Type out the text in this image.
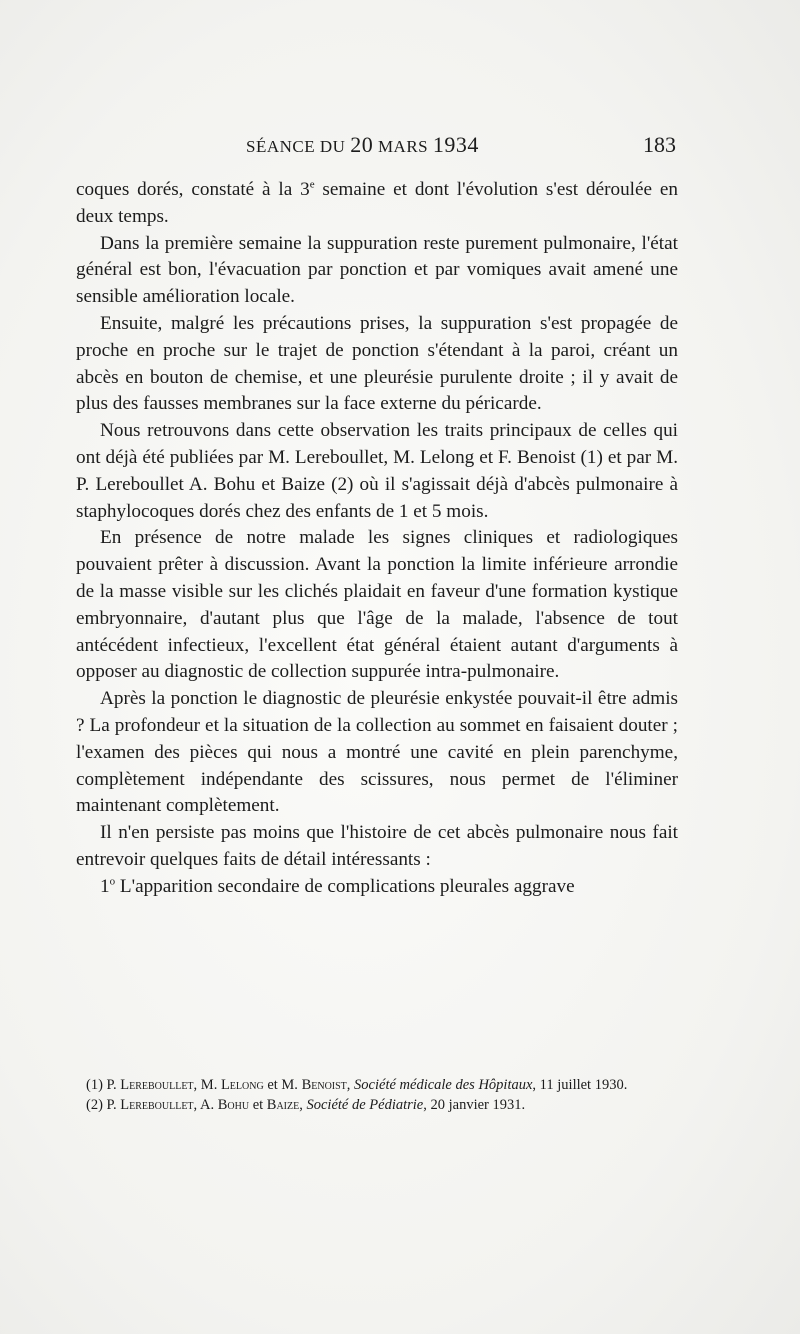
SÉANCE DU 20 MARS 1934	183

coques dorés, constaté à la 3e semaine et dont l'évolution s'est déroulée en deux temps.

Dans la première semaine la suppuration reste purement pulmonaire, l'état général est bon, l'évacuation par ponction et par vomiques avait amené une sensible amélioration locale.

Ensuite, malgré les précautions prises, la suppuration s'est propagée de proche en proche sur le trajet de ponction s'étendant à la paroi, créant un abcès en bouton de chemise, et une pleurésie purulente droite ; il y avait de plus des fausses membranes sur la face externe du péricarde.

Nous retrouvons dans cette observation les traits principaux de celles qui ont déjà été publiées par M. Lereboullet, M. Lelong et F. Benoist (1) et par M. P. Lereboullet A. Bohu et Baize (2) où il s'agissait déjà d'abcès pulmonaire à staphylocoques dorés chez des enfants de 1 et 5 mois.

En présence de notre malade les signes cliniques et radiologiques pouvaient prêter à discussion. Avant la ponction la limite inférieure arrondie de la masse visible sur les clichés plaidait en faveur d'une formation kystique embryonnaire, d'autant plus que l'âge de la malade, l'absence de tout antécédent infectieux, l'excellent état général étaient autant d'arguments à opposer au diagnostic de collection suppurée intra-pulmonaire.

Après la ponction le diagnostic de pleurésie enkystée pouvait-il être admis ? La profondeur et la situation de la collection au sommet en faisaient douter ; l'examen des pièces qui nous a montré une cavité en plein parenchyme, complètement indépendante des scissures, nous permet de l'éliminer maintenant complètement.

Il n'en persiste pas moins que l'histoire de cet abcès pulmonaire nous fait entrevoir quelques faits de détail intéressants :

1$^o$ L'apparition secondaire de complications pleurales aggrave

(1) P. Lereboullet, M. Lelong et M. Benoist, Société médicale des Hôpitaux, 11 juillet 1930.

(2) P. Lereboullet, A. Bohu et Baize, Société de Pédiatrie, 20 janvier 1931.
